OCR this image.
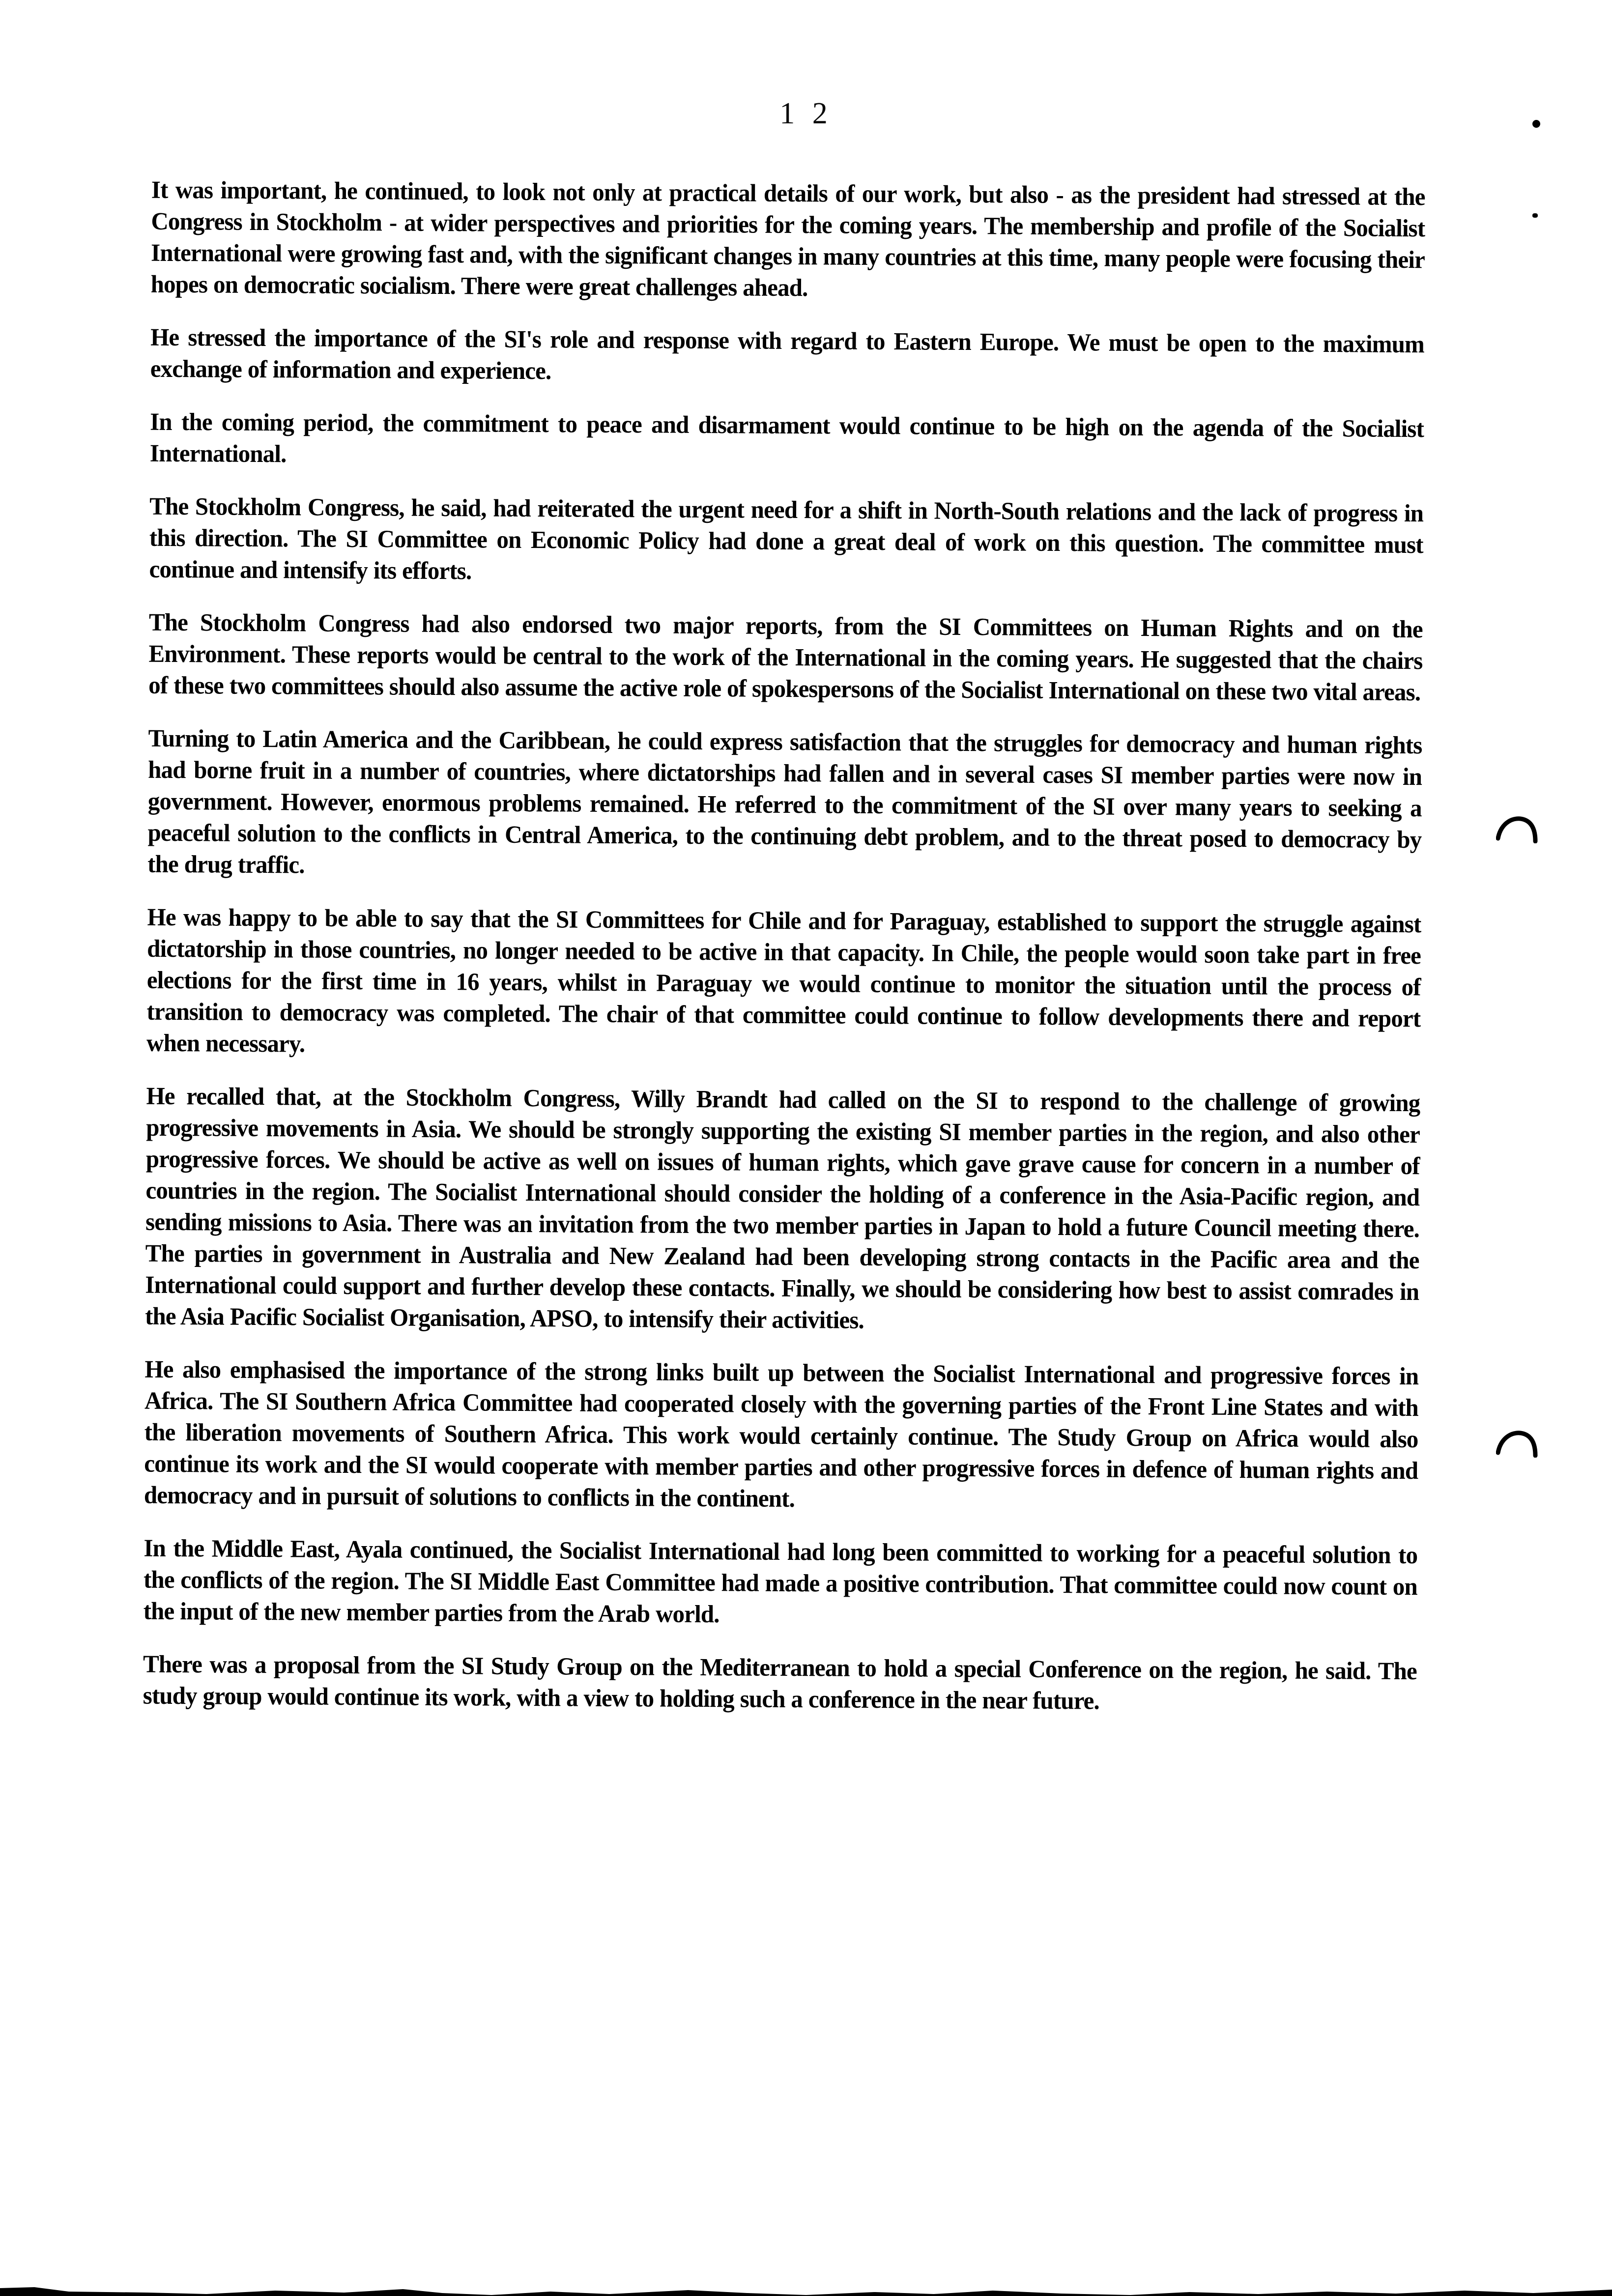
1 2

It was important, he continued, to look not only at practical details of our work, but also - as the president had stressed at the Congress in Stockholm - at wider perspectives and priorities for the coming years. The membership and profile of the Socialist International were growing fast and, with the significant changes in many countries at this time, many people were focusing their hopes on democratic socialism. There were great challenges ahead.

He stressed the importance of the SI's role and response with regard to Eastern Europe. We must be open to the maximum exchange of information and experience.

In the coming period, the commitment to peace and disarmament would continue to be high on the agenda of the Socialist International.

The Stockholm Congress, he said, had reiterated the urgent need for a shift in North-South relations and the lack of progress in this direction. The SI Committee on Economic Policy had done a great deal of work on this question. The committee must continue and intensify its efforts.

The Stockholm Congress had also endorsed two major reports, from the SI Committees on Human Rights and on the Environment. These reports would be central to the work of the International in the coming years. He suggested that the chairs of these two committees should also assume the active role of spokespersons of the Socialist International on these two vital areas.

Turning to Latin America and the Caribbean, he could express satisfaction that the struggles for democracy and human rights had borne fruit in a number of countries, where dictatorships had fallen and in several cases SI member parties were now in government. However, enormous problems remained. He referred to the commitment of the SI over many years to seeking a peaceful solution to the conflicts in Central America, to the continuing debt problem, and to the threat posed to democracy by the drug traffic.

He was happy to be able to say that the SI Committees for Chile and for Paraguay, established to support the struggle against dictatorship in those countries, no longer needed to be active in that capacity. In Chile, the people would soon take part in free elections for the first time in 16 years, whilst in Paraguay we would continue to monitor the situation until the process of transition to democracy was completed. The chair of that committee could continue to follow developments there and report when necessary.

He recalled that, at the Stockholm Congress, Willy Brandt had called on the SI to respond to the challenge of growing progressive movements in Asia. We should be strongly supporting the existing SI member parties in the region, and also other progressive forces. We should be active as well on issues of human rights, which gave grave cause for concern in a number of countries in the region. The Socialist International should consider the holding of a conference in the Asia-Pacific region, and sending missions to Asia. There was an invitation from the two member parties in Japan to hold a future Council meeting there. The parties in government in Australia and New Zealand had been developing strong contacts in the Pacific area and the International could support and further develop these contacts. Finally, we should be considering how best to assist comrades in the Asia Pacific Socialist Organisation, APSO, to intensify their activities.

He also emphasised the importance of the strong links built up between the Socialist International and progressive forces in Africa. The SI Southern Africa Committee had cooperated closely with the governing parties of the Front Line States and with the liberation movements of Southern Africa. This work would certainly continue. The Study Group on Africa would also continue its work and the SI would cooperate with member parties and other progressive forces in defence of human rights and democracy and in pursuit of solutions to conflicts in the continent.

In the Middle East, Ayala continued, the Socialist International had long been committed to working for a peaceful solution to the conflicts of the region. The SI Middle East Committee had made a positive contribution. That committee could now count on the input of the new member parties from the Arab world.

There was a proposal from the SI Study Group on the Mediterranean to hold a special Conference on the region, he said. The study group would continue its work, with a view to holding such a conference in the near future.
